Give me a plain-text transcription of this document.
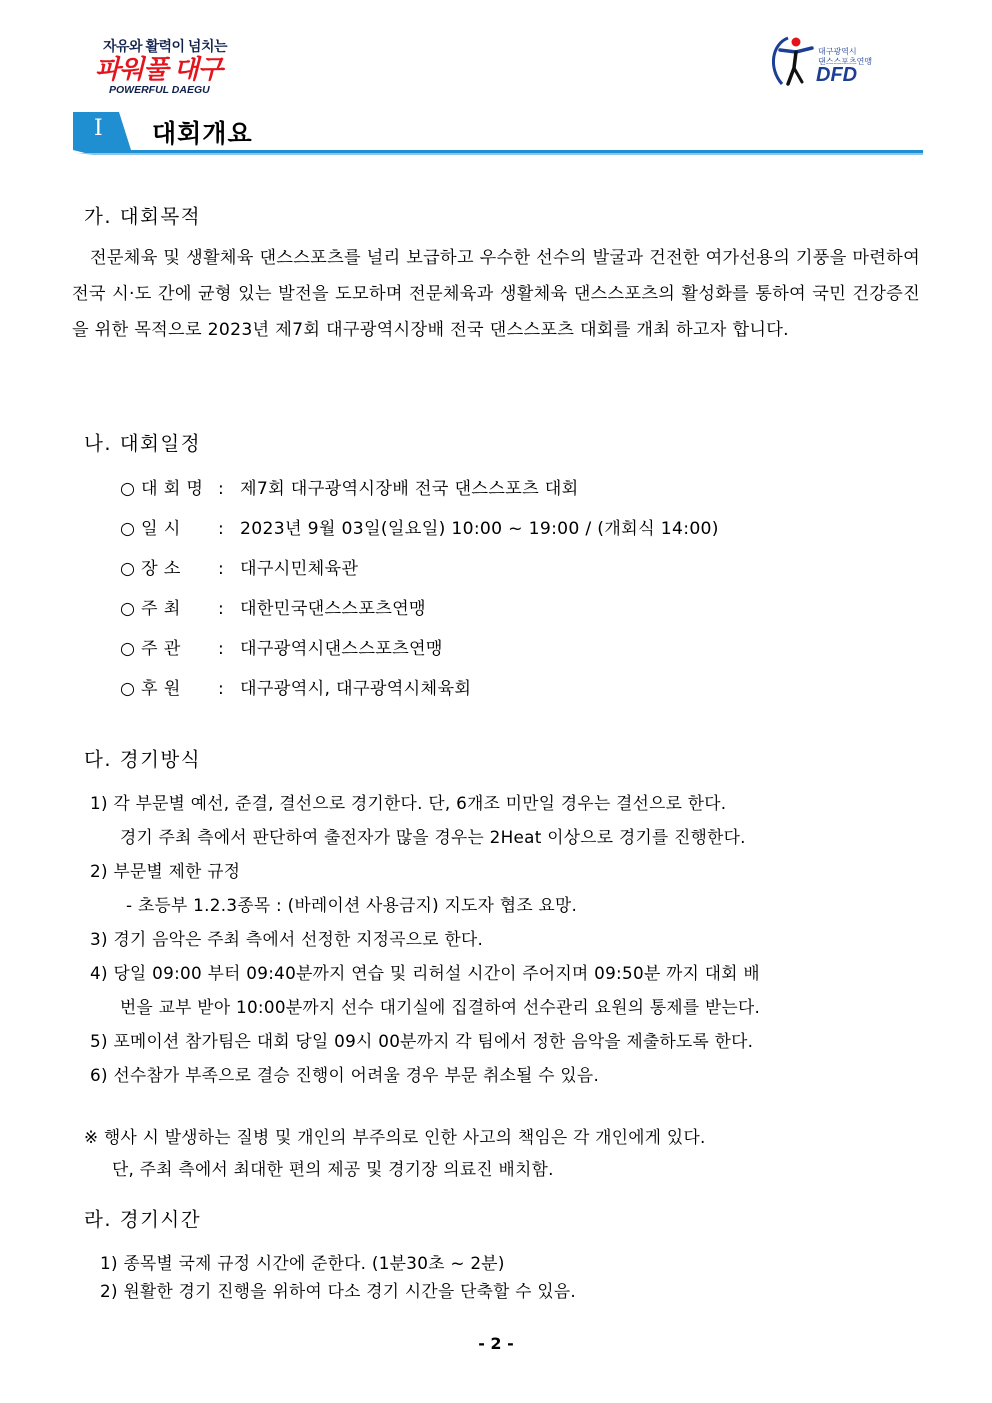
자유와 활력이 넘치는
파워풀 대구
POWERFUL DAEGU
대구광역시
댄스스포츠연맹
DFD
Ⅰ 대회개요
가. 대회목적
전문체육 및 생활체육 댄스스포츠를 널리 보급하고 우수한 선수의 발굴과 건전한 여가선용의 기풍을 마련하여 전국 시·도 간에 균형 있는 발전을 도모하며 전문체육과 생활체육 댄스스포츠의 활성화를 통하여 국민 건강증진을 위한 목적으로 2023년 제7회 대구광역시장배 전국 댄스스포츠 대회를 개최 하고자 합니다.
나. 대회일정
○ 대 회 명 : 제7회 대구광역시장배 전국 댄스스포츠 대회
○ 일 시 : 2023년 9월 03일(일요일) 10:00 ~ 19:00 / (개회식 14:00)
○ 장 소 : 대구시민체육관
○ 주 최 : 대한민국댄스스포츠연맹
○ 주 관 : 대구광역시댄스스포츠연맹
○ 후 원 : 대구광역시, 대구광역시체육회
다. 경기방식
1) 각 부문별 예선, 준결, 결선으로 경기한다. 단, 6개조 미만일 경우는 결선으로 한다.
경기 주최 측에서 판단하여 출전자가 많을 경우는 2Heat 이상으로 경기를 진행한다.
2) 부문별 제한 규정
- 초등부 1.2.3종목 : (바레이션 사용금지) 지도자 협조 요망.
3) 경기 음악은 주최 측에서 선정한 지정곡으로 한다.
4) 당일 09:00 부터 09:40분까지 연습 및 리허설 시간이 주어지며 09:50분 까지 대회 배
번을 교부 받아 10:00분까지 선수 대기실에 집결하여 선수관리 요원의 통제를 받는다.
5) 포메이션 참가팀은 대회 당일 09시 00분까지 각 팀에서 정한 음악을 제출하도록 한다.
6) 선수참가 부족으로 결승 진행이 어려울 경우 부문 취소될 수 있음.
※ 행사 시 발생하는 질병 및 개인의 부주의로 인한 사고의 책임은 각 개인에게 있다.
단, 주최 측에서 최대한 편의 제공 및 경기장 의료진 배치함.
라. 경기시간
1) 종목별 국제 규정 시간에 준한다. (1분30초 ~ 2분)
2) 원활한 경기 진행을 위하여 다소 경기 시간을 단축할 수 있음.
- 2 -
